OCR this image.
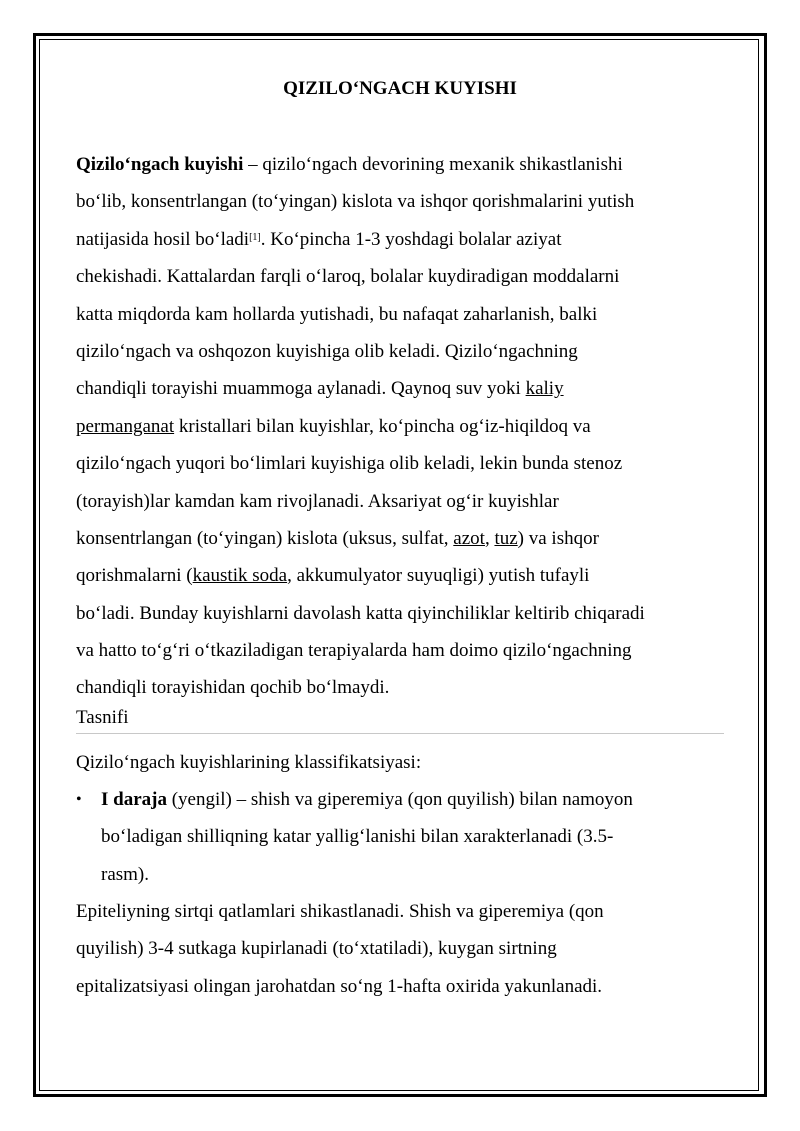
QIZILO‘NGACH KUYISHI
Qizilo‘ngach kuyishi – qizilo‘ngach devorining mexanik shikastlanishi
bo‘lib, konsentrlangan (to‘yingan) kislota va ishqor qorishmalarini yutish
natijasida hosil bo‘ladi[1]. Ko‘pincha 1-3 yoshdagi bolalar aziyat
chekishadi. Kattalardan farqli o‘laroq, bolalar kuydiradigan moddalarni
katta miqdorda kam hollarda yutishadi, bu nafaqat zaharlanish, balki
qizilo‘ngach va oshqozon kuyishiga olib keladi. Qizilo‘ngachning
chandiqli torayishi muammoga aylanadi. Qaynoq suv yoki kaliy
permanganat kristallari bilan kuyishlar, ko‘pincha og‘iz-hiqildoq va
qizilo‘ngach yuqori bo‘limlari kuyishiga olib keladi, lekin bunda stenoz
(torayish)lar kamdan kam rivojlanadi. Aksariyat og‘ir kuyishlar
konsentrlangan (to‘yingan) kislota (uksus, sulfat, azot, tuz) va ishqor
qorishmalarni (kaustik soda, akkumulyator suyuqligi) yutish tufayli
bo‘ladi. Bunday kuyishlarni davolash katta qiyinchiliklar keltirib chiqaradi
va hatto to‘g‘ri o‘tkaziladigan terapiyalarda ham doimo qizilo‘ngachning
chandiqli torayishidan qochib bo‘lmaydi.
Tasnifi
Qizilo‘ngach kuyishlarining klassifikatsiyasi:
• I daraja (yengil) – shish va giperemiya (qon quyilish) bilan namoyon
bo‘ladigan shilliqning katar yallig‘lanishi bilan xarakterlanadi (3.5-
rasm).
Epiteliyning sirtqi qatlamlari shikastlanadi. Shish va giperemiya (qon
quyilish) 3-4 sutkaga kupirlanadi (to‘xtatiladi), kuygan sirtning
epitalizatsiyasi olingan jarohatdan so‘ng 1-hafta oxirida yakunlanadi.
